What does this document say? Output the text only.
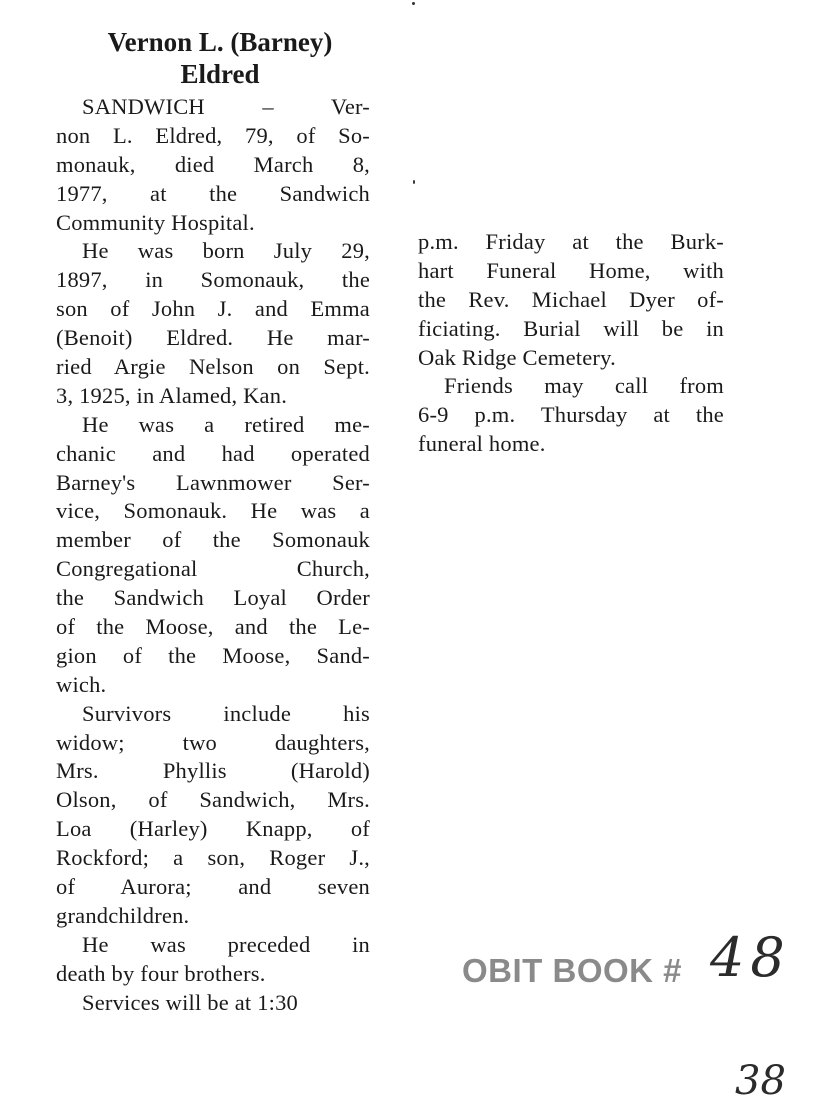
Vernon L. (Barney)
Eldred
SANDWICH – Ver-
non L. Eldred, 79, of So-
monauk, died March 8,
1977, at the Sandwich
Community Hospital.
He was born July 29,
1897, in Somonauk, the
son of John J. and Emma
(Benoit) Eldred. He mar-
ried Argie Nelson on Sept.
3, 1925, in Alamed, Kan.
He was a retired me-
chanic and had operated
Barney's Lawnmower Ser-
vice, Somonauk. He was a
member of the Somonauk
Congregational Church,
the Sandwich Loyal Order
of the Moose, and the Le-
gion of the Moose, Sand-
wich.
Survivors include his
widow; two daughters,
Mrs. Phyllis (Harold)
Olson, of Sandwich, Mrs.
Loa (Harley) Knapp, of
Rockford; a son, Roger J.,
of Aurora; and seven
grandchildren.
He was preceded in
death by four brothers.
Services will be at 1:30
p.m. Friday at the Burk-
hart Funeral Home, with
the Rev. Michael Dyer of-
ficiating. Burial will be in
Oak Ridge Cemetery.
Friends may call from
6-9 p.m. Thursday at the
funeral home.
OBIT BOOK # 48
38
